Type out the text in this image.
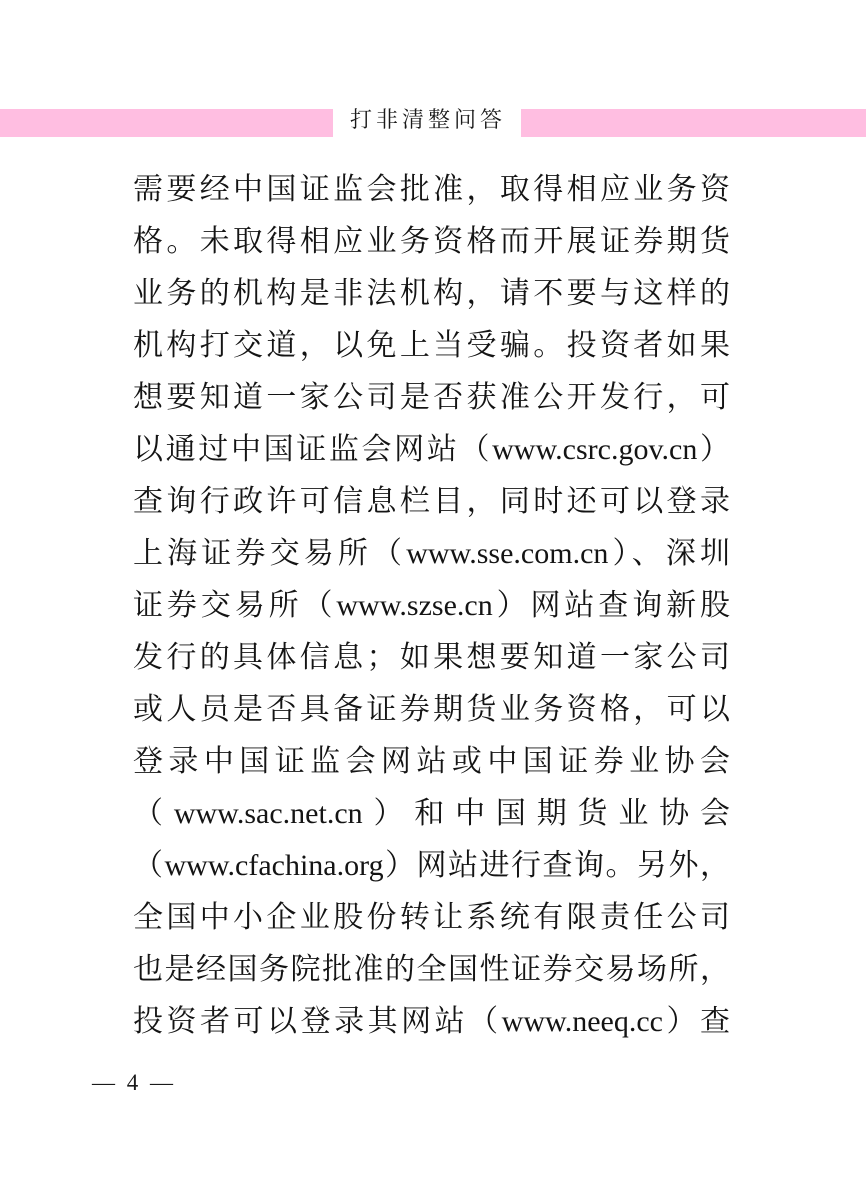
打非清整问答
需要经中国证监会批准，取得相应业务资
格。未取得相应业务资格而开展证券期货
业务的机构是非法机构，请不要与这样的
机构打交道，以免上当受骗。投资者如果
想要知道一家公司是否获准公开发行，可
以通过中国证监会网站（www.csrc.gov.cn）
查询行政许可信息栏目，同时还可以登录
上海证券交易所（www.sse.com.cn）、深圳
证券交易所（www.szse.cn）网站查询新股
发行的具体信息；如果想要知道一家公司
或人员是否具备证券期货业务资格，可以
登录中国证监会网站或中国证券业协会
（www.sac.net.cn）和中国期货业协会
（www.cfachina.org）网站进行查询。另外，
全国中小企业股份转让系统有限责任公司
也是经国务院批准的全国性证券交易场所，
投资者可以登录其网站（www.neeq.cc）查
— 4 —
